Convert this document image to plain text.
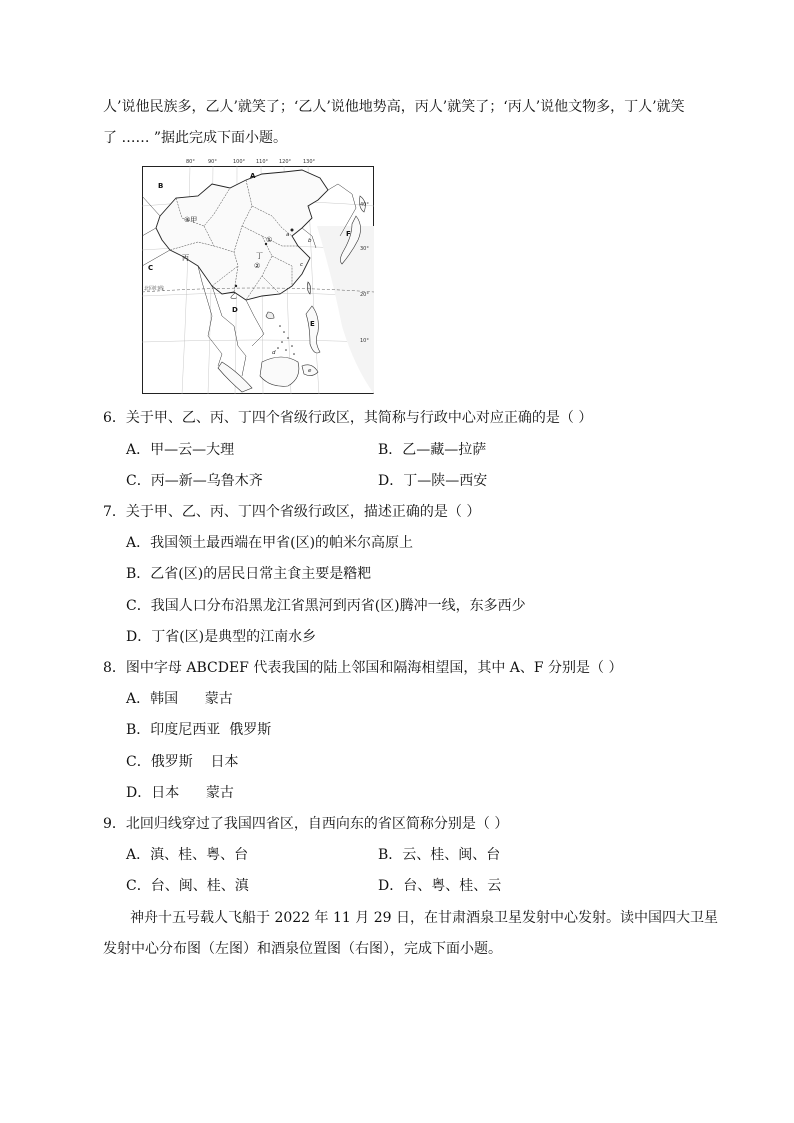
人’说他民族多，乙人’就笑了；‘乙人’说他地势高，丙人’就笑了；‘丙人’说他文物多，丁人’就笑
了 …… ”据此完成下面小题。
80°	90°	100° 110° 120° 130°
北回归线
40°
30°
20°
10°
A
B
C
D
E
F
③甲
丙
乙
丁
①
②
a
b
c
d
e
6．关于甲、乙、丙、丁四个省级行政区，其简称与行政中心对应正确的是（ ）
A．甲—云—大理	B．乙—藏—拉萨
C．丙—新—乌鲁木齐	D．丁—陕—西安
7．关于甲、乙、丙、丁四个省级行政区，描述正确的是（ ）
A．我国领土最西端在甲省(区)的帕米尔高原上
B．乙省(区)的居民日常主食主要是糌粑
C．我国人口分布沿黑龙江省黑河到丙省(区)腾冲一线，东多西少
D．丁省(区)是典型的江南水乡
8．图中字母 ABCDEF 代表我国的陆上邻国和隔海相望国，其中 A、F 分别是（ ）
A．韩国      蒙古
B．印度尼西亚  俄罗斯
C．俄罗斯    日本
D．日本      蒙古
9．北回归线穿过了我国四省区，自西向东的省区简称分别是（ ）
A．滇、桂、粤、台	B．云、桂、闽、台
C．台、闽、桂、滇	D．台、粤、桂、云
神舟十五号载人飞船于 2022 年 11 月 29 日，在甘肃酒泉卫星发射中心发射。读中国四大卫星
发射中心分布图（左图）和酒泉位置图（右图），完成下面小题。
